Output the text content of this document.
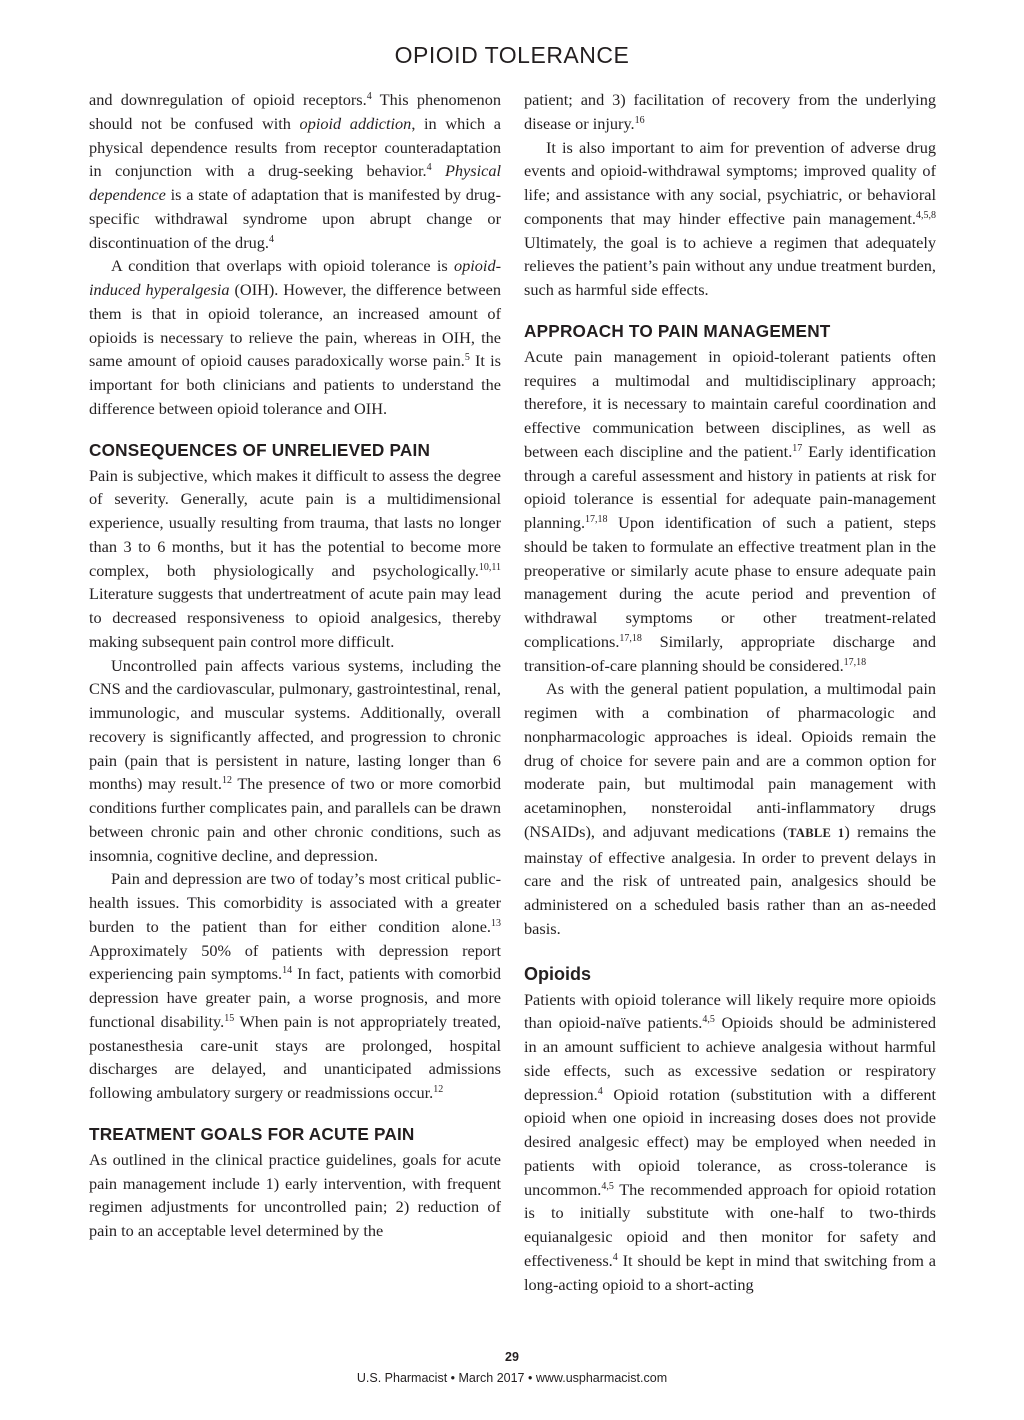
OPIOID TOLERANCE

and downregulation of opioid receptors.$^4$ This phenomenon should not be confused with opioid addiction, in which a physical dependence results from receptor counteradaptation in conjunction with a drug-seeking behavior.$^4$ Physical dependence is a state of adaptation that is manifested by drug-specific withdrawal syndrome upon abrupt change or discontinuation of the drug.$^4$

A condition that overlaps with opioid tolerance is opioid-induced hyperalgesia (OIH). However, the difference between them is that in opioid tolerance, an increased amount of opioids is necessary to relieve the pain, whereas in OIH, the same amount of opioid causes paradoxically worse pain.$^5$ It is important for both clinicians and patients to understand the difference between opioid tolerance and OIH.

CONSEQUENCES OF UNRELIEVED PAIN

Pain is subjective, which makes it difficult to assess the degree of severity. Generally, acute pain is a multidimensional experience, usually resulting from trauma, that lasts no longer than 3 to 6 months, but it has the potential to become more complex, both physiologically and psychologically.$^{10,11}$ Literature suggests that undertreatment of acute pain may lead to decreased responsiveness to opioid analgesics, thereby making subsequent pain control more difficult.

Uncontrolled pain affects various systems, including the CNS and the cardiovascular, pulmonary, gastrointestinal, renal, immunologic, and muscular systems. Additionally, overall recovery is significantly affected, and progression to chronic pain (pain that is persistent in nature, lasting longer than 6 months) may result.$^{12}$ The presence of two or more comorbid conditions further complicates pain, and parallels can be drawn between chronic pain and other chronic conditions, such as insomnia, cognitive decline, and depression.

Pain and depression are two of today’s most critical public-health issues. This comorbidity is associated with a greater burden to the patient than for either condition alone.$^{13}$ Approximately 50% of patients with depression report experiencing pain symptoms.$^{14}$ In fact, patients with comorbid depression have greater pain, a worse prognosis, and more functional disability.$^{15}$ When pain is not appropriately treated, postanesthesia care-unit stays are prolonged, hospital discharges are delayed, and unanticipated admissions following ambulatory surgery or readmissions occur.$^{12}$

TREATMENT GOALS FOR ACUTE PAIN

As outlined in the clinical practice guidelines, goals for acute pain management include 1) early intervention, with frequent regimen adjustments for uncontrolled pain; 2) reduction of pain to an acceptable level determined by the

patient; and 3) facilitation of recovery from the underlying disease or injury.$^{16}$

It is also important to aim for prevention of adverse drug events and opioid-withdrawal symptoms; improved quality of life; and assistance with any social, psychiatric, or behavioral components that may hinder effective pain management.$^{4,5,8}$ Ultimately, the goal is to achieve a regimen that adequately relieves the patient’s pain without any undue treatment burden, such as harmful side effects.

APPROACH TO PAIN MANAGEMENT

Acute pain management in opioid-tolerant patients often requires a multimodal and multidisciplinary approach; therefore, it is necessary to maintain careful coordination and effective communication between disciplines, as well as between each discipline and the patient.$^{17}$ Early identification through a careful assessment and history in patients at risk for opioid tolerance is essential for adequate pain-management planning.$^{17,18}$ Upon identification of such a patient, steps should be taken to formulate an effective treatment plan in the preoperative or similarly acute phase to ensure adequate pain management during the acute period and prevention of withdrawal symptoms or other treatment-related complications.$^{17,18}$ Similarly, appropriate discharge and transition-of-care planning should be considered.$^{17,18}$

As with the general patient population, a multimodal pain regimen with a combination of pharmacologic and nonpharmacologic approaches is ideal. Opioids remain the drug of choice for severe pain and are a common option for moderate pain, but multimodal pain management with acetaminophen, nonsteroidal anti-inflammatory drugs (NSAIDs), and adjuvant medications (TABLE 1) remains the mainstay of effective analgesia. In order to prevent delays in care and the risk of untreated pain, analgesics should be administered on a scheduled basis rather than an as-needed basis.

Opioids

Patients with opioid tolerance will likely require more opioids than opioid-naïve patients.$^{4,5}$ Opioids should be administered in an amount sufficient to achieve analgesia without harmful side effects, such as excessive sedation or respiratory depression.$^4$ Opioid rotation (substitution with a different opioid when one opioid in increasing doses does not provide desired analgesic effect) may be employed when needed in patients with opioid tolerance, as cross-tolerance is uncommon.$^{4,5}$ The recommended approach for opioid rotation is to initially substitute with one-half to two-thirds equianalgesic opioid and then monitor for safety and effectiveness.$^4$ It should be kept in mind that switching from a long-acting opioid to a short-acting

29
U.S. Pharmacist • March 2017 • www.uspharmacist.com
